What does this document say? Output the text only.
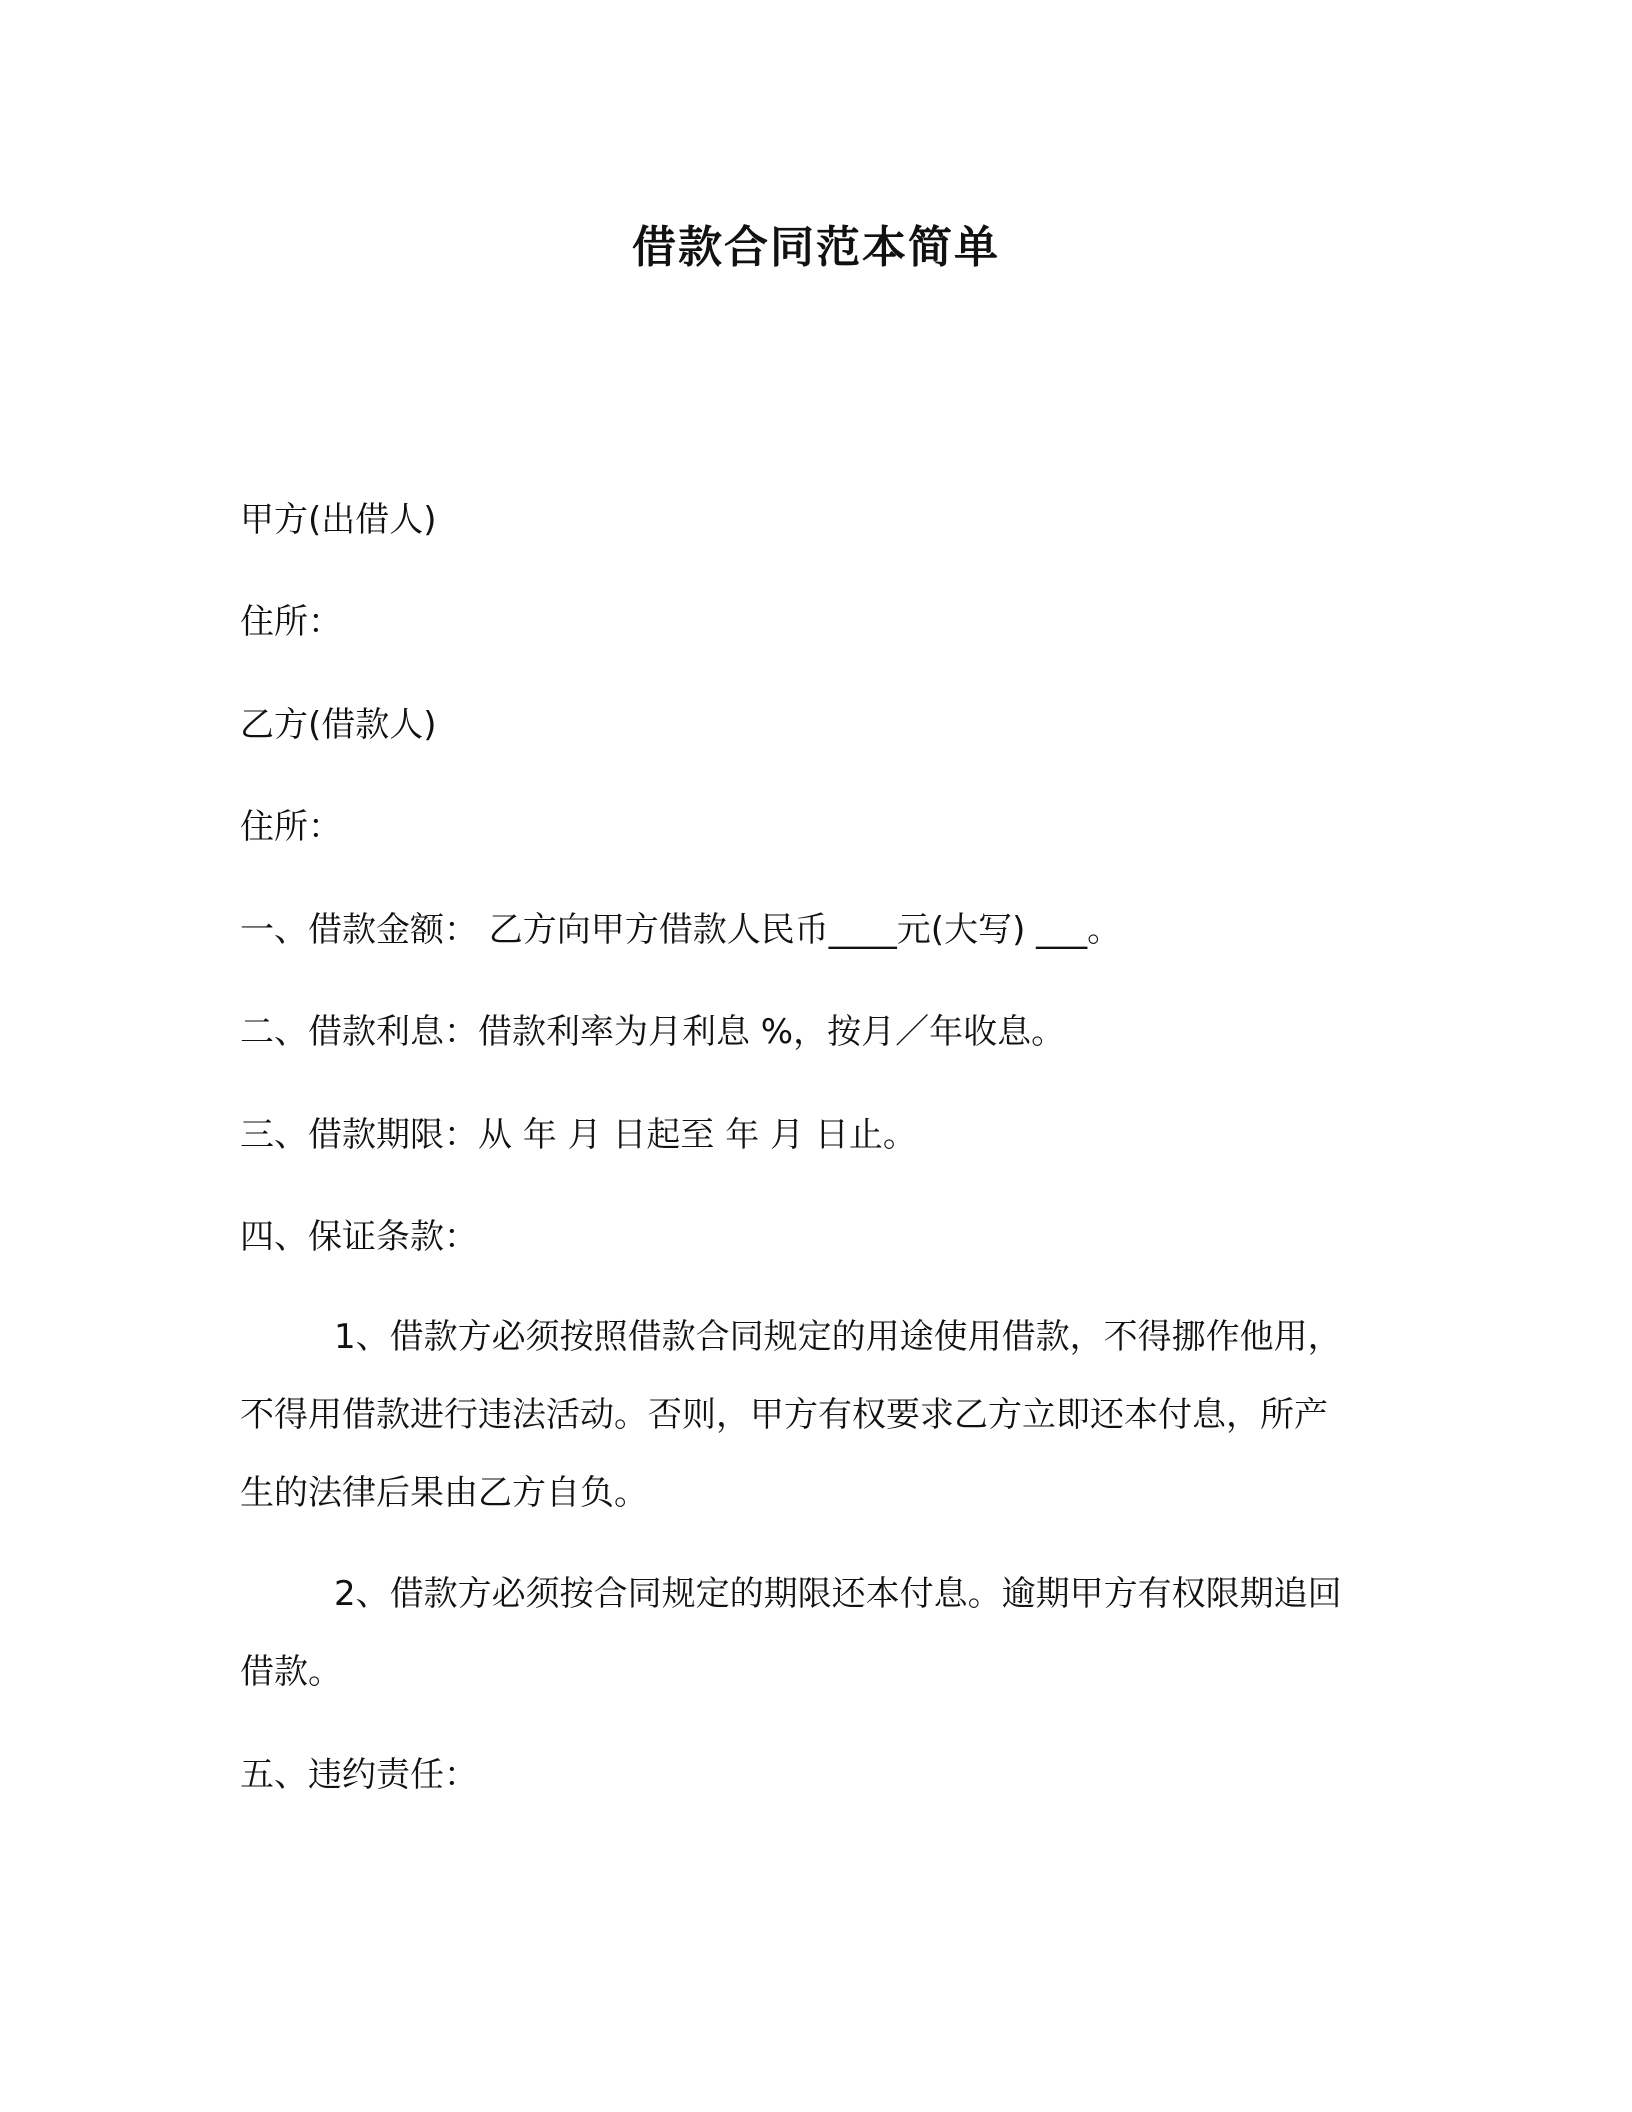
借款合同范本简单
甲方(出借人)
住所：
乙方(借款人)
住所：
一、借款金额： 乙方向甲方借款人民币____元(大写) ___。
二、借款利息：借款利率为月利息 %，按月／年收息。
三、借款期限：从 年 月 日起至 年 月 日止。
四、保证条款：
1、借款方必须按照借款合同规定的用途使用借款，不得挪作他用，不得用借款进行违法活动。否则，甲方有权要求乙方立即还本付息，所产生的法律后果由乙方自负。
2、借款方必须按合同规定的期限还本付息。逾期甲方有权限期追回借款。
五、违约责任：
